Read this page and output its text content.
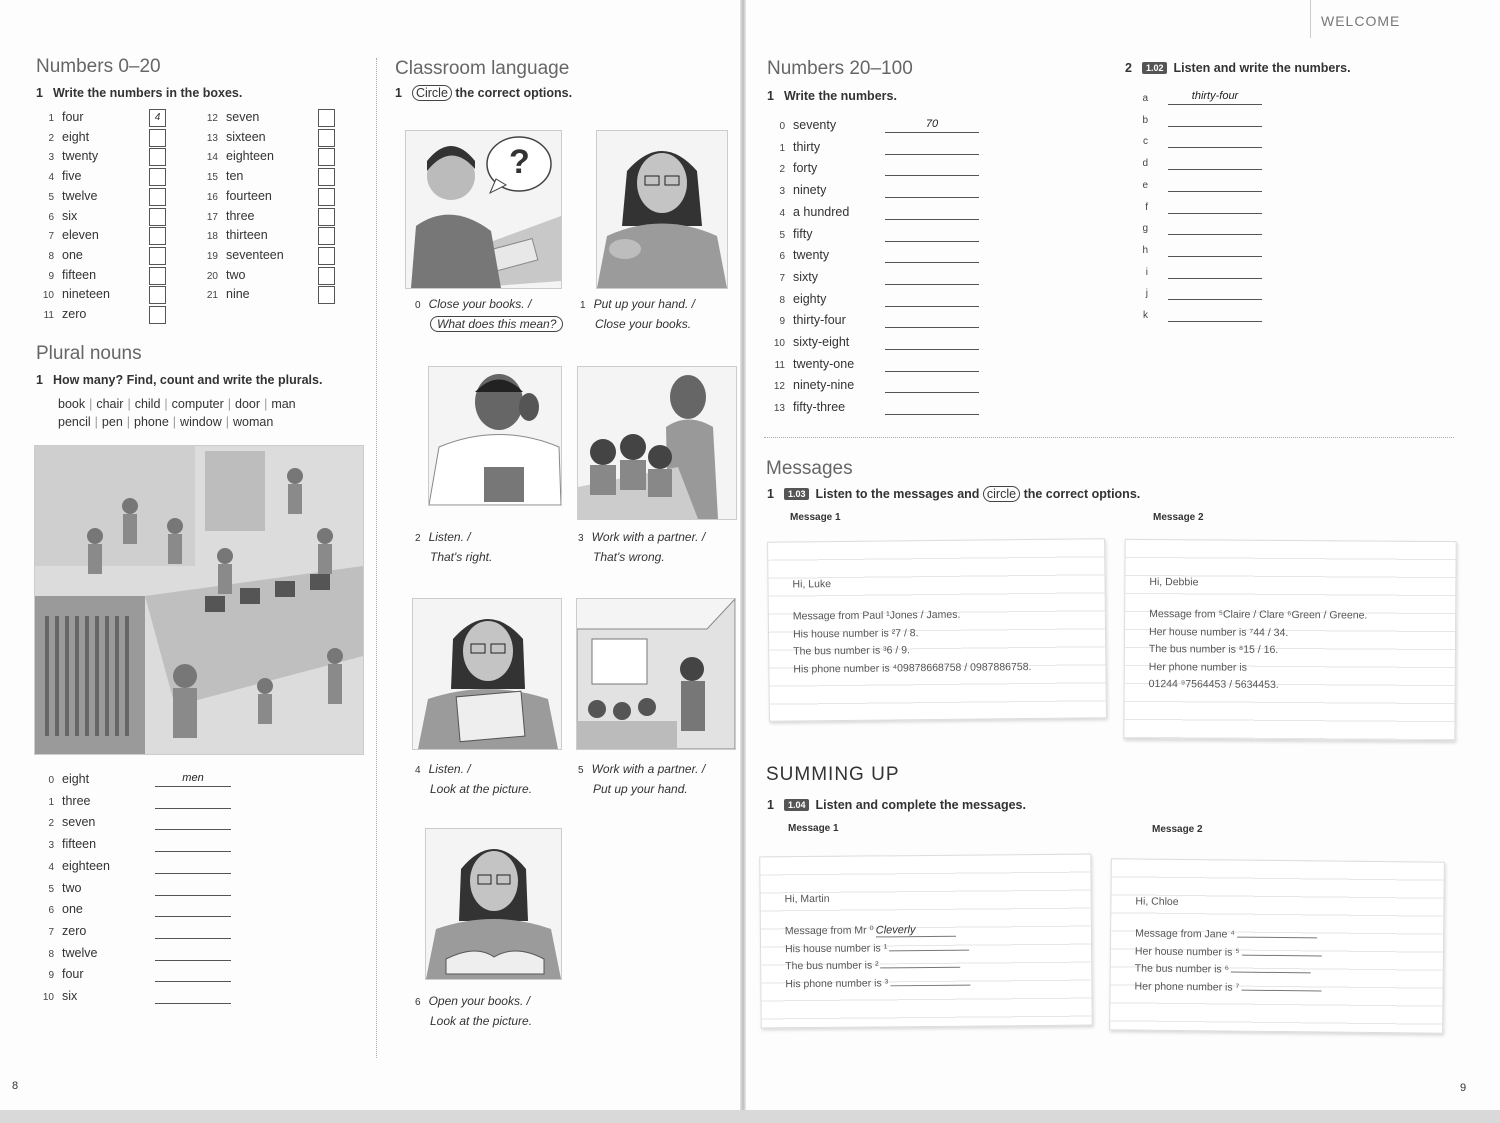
WELCOME
Numbers 0–20
1 Write the numbers in the boxes.
1 four	4
2 eight
3 twenty
4 five
5 twelve
6 six
7 eleven
8 one
9 fifteen
10 nineteen
11 zero
12 seven
13 sixteen
14 eighteen
15 ten
16 fourteen
17 three
18 thirteen
19 seventeen
20 two
21 nine
Plural nouns
1 How many? Find, count and write the plurals.
book | chair | child | computer | door | man
pencil | pen | phone | window | woman
0 eight	men
1 three
2 seven
3 fifteen
4 eighteen
5 two
6 one
7 zero
8 twelve
9 four
10 six
Classroom language
1 Circle the correct options.
?
0 Close your books. /
What does this mean?
1 Put up your hand. /
Close your books.
2 Listen. /
That's right.
3 Work with a partner. /
That's wrong.
4 Listen. /
Look at the picture.
5 Work with a partner. /
Put up your hand.
6 Open your books. /
Look at the picture.
Numbers 20–100
1 Write the numbers.
0 seventy	70
1 thirty
2 forty
3 ninety
4 a hundred
5 fifty
6 twenty
7 sixty
8 eighty
9 thirty-four
10 sixty-eight
11 twenty-one
12 ninety-nine
13 fifty-three
2 1.02 Listen and write the numbers.
a	thirty-four
b
c
d
e
f
g
h
i
j
k
Messages
1 1.03 Listen to the messages and circle the correct options.
Message 1	Message 2
Hi, Luke
Message from Paul ¹Jones / James.
His house number is ²7 / 8.
The bus number is ³6 / 9.
His phone number is ⁴09878668758 / 0987886758.
Hi, Debbie
Message from ⁵Claire / Clare ⁶Green / Greene.
Her house number is ⁷44 / 34.
The bus number is ⁸15 / 16.
Her phone number is
01244 ⁹7564453 / 5634453.
SUMMING UP
1 1.04 Listen and complete the messages.
Message 1	Message 2
Hi, Martin
Message from Mr ⁰ Cleverly
His house number is ¹
The bus number is ²
His phone number is ³
Hi, Chloe
Message from Jane ⁴
Her house number is ⁵
The bus number is ⁶
Her phone number is ⁷
8	9
